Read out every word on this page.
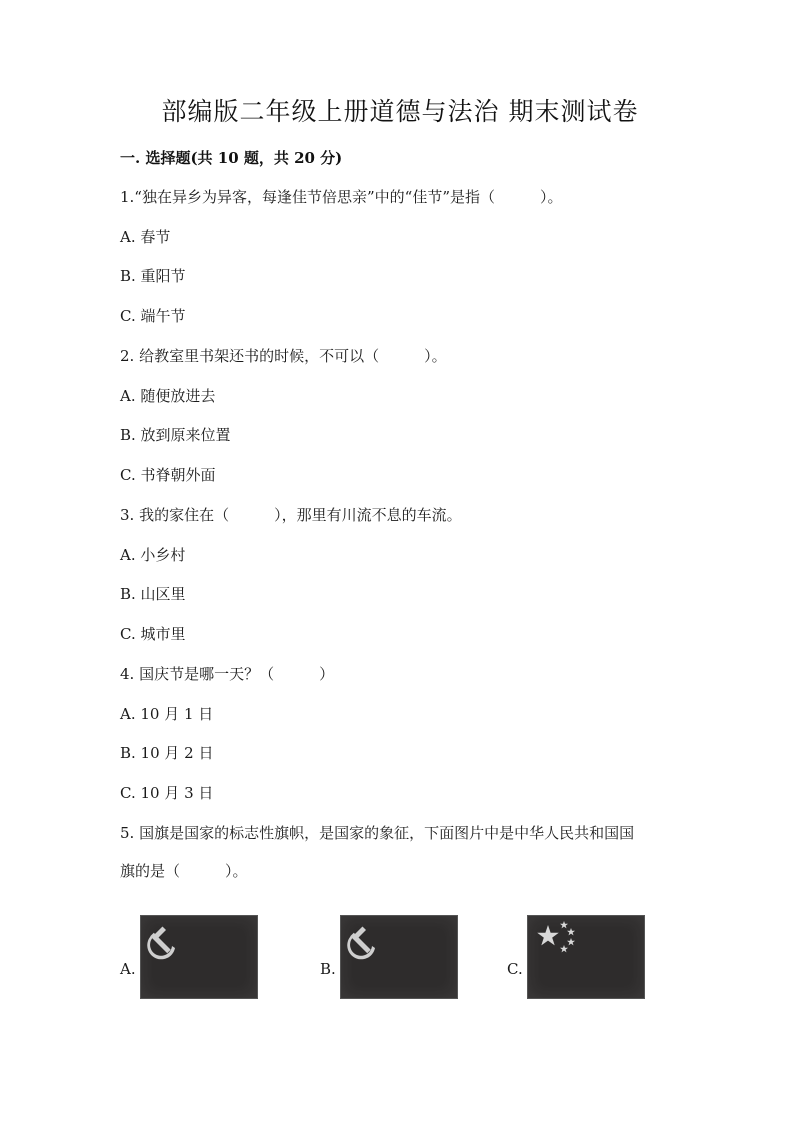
部编版二年级上册道德与法治 期末测试卷
一. 选择题(共 10 题，共 20 分)
1.“独在异乡为异客，每逢佳节倍思亲”中的“佳节”是指（　　　）。
A. 春节
B. 重阳节
C. 端午节
2. 给教室里书架还书的时候，不可以（　　　）。
A. 随便放进去
B. 放到原来位置
C. 书脊朝外面
3. 我的家住在（　　　），那里有川流不息的车流。
A. 小乡村
B. 山区里
C. 城市里
4. 国庆节是哪一天？（　　　）
A. 10 月 1 日
B. 10 月 2 日
C. 10 月 3 日
5. 国旗是国家的标志性旗帜，是国家的象征，下面图片中是中华人民共和国国
旗的是（　　　）。
A.	B.	C.
